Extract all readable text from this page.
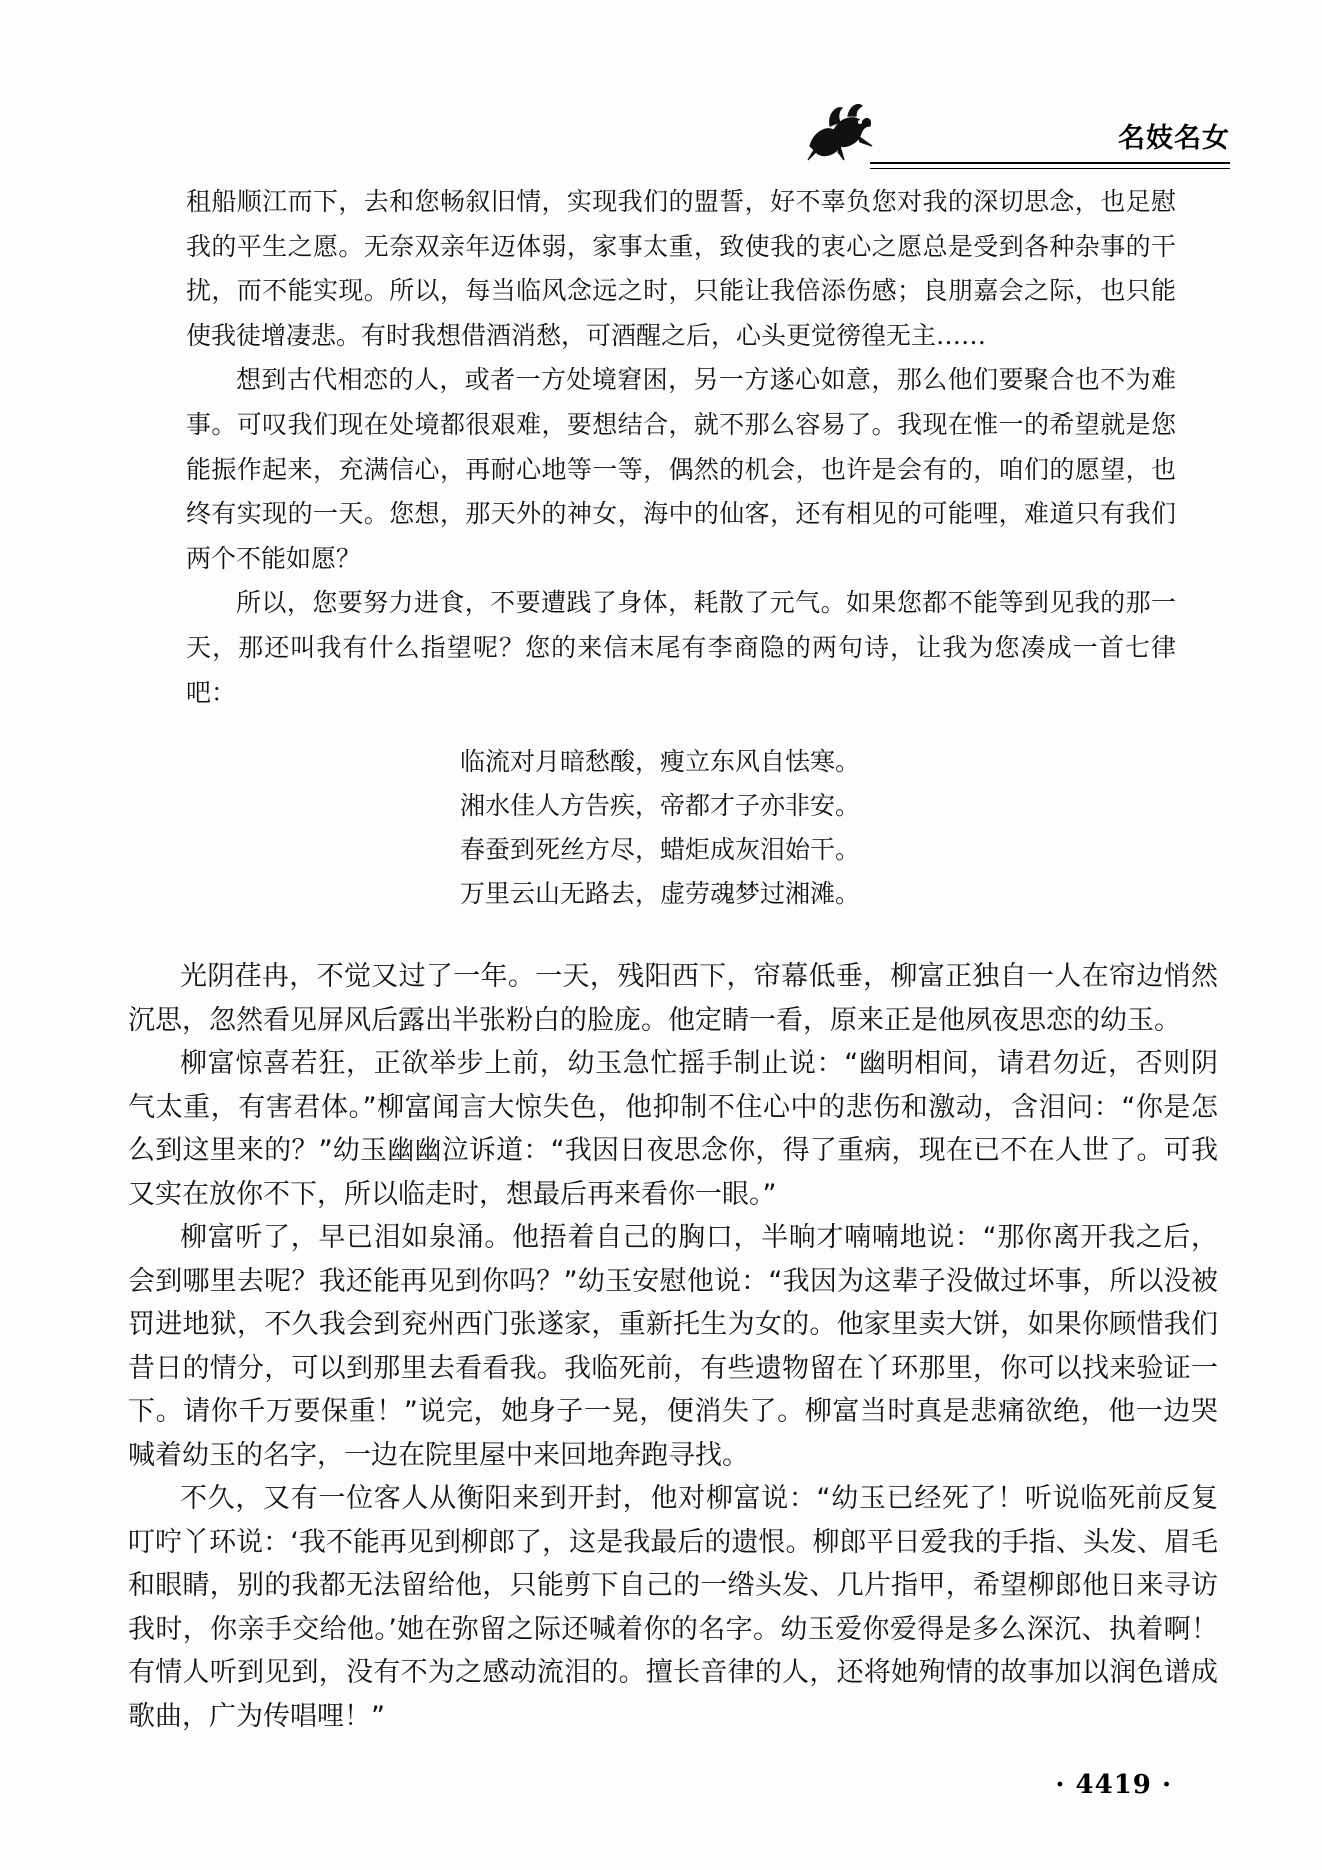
名妓名女

租船顺江而下，去和您畅叙旧情，实现我们的盟誓，好不辜负您对我的深切思念，也足慰我的平生之愿。无奈双亲年迈体弱，家事太重，致使我的衷心之愿总是受到各种杂事的干扰，而不能实现。所以，每当临风念远之时，只能让我倍添伤感；良朋嘉会之际，也只能使我徒增凄悲。有时我想借酒消愁，可酒醒之后，心头更觉徬徨无主……

想到古代相恋的人，或者一方处境窘困，另一方遂心如意，那么他们要聚合也不为难事。可叹我们现在处境都很艰难，要想结合，就不那么容易了。我现在惟一的希望就是您能振作起来，充满信心，再耐心地等一等，偶然的机会，也许是会有的，咱们的愿望，也终有实现的一天。您想，那天外的神女，海中的仙客，还有相见的可能哩，难道只有我们两个不能如愿？

所以，您要努力进食，不要遭践了身体，耗散了元气。如果您都不能等到见我的那一天，那还叫我有什么指望呢？您的来信末尾有李商隐的两句诗，让我为您凑成一首七律吧：

临流对月暗愁酸，瘦立东风自怯寒。
湘水佳人方告疾，帝都才子亦非安。
春蚕到死丝方尽，蜡炬成灰泪始干。
万里云山无路去，虚劳魂梦过湘滩。

光阴荏冉，不觉又过了一年。一天，残阳西下，帘幕低垂，柳富正独自一人在帘边悄然沉思，忽然看见屏风后露出半张粉白的脸庞。他定睛一看，原来正是他夙夜思恋的幼玉。

柳富惊喜若狂，正欲举步上前，幼玉急忙摇手制止说：“幽明相间，请君勿近，否则阴气太重，有害君体。”柳富闻言大惊失色，他抑制不住心中的悲伤和激动，含泪问：“你是怎么到这里来的？”幼玉幽幽泣诉道：“我因日夜思念你，得了重病，现在已不在人世了。可我又实在放你不下，所以临走时，想最后再来看你一眼。”

柳富听了，早已泪如泉涌。他捂着自己的胸口，半晌才喃喃地说：“那你离开我之后，会到哪里去呢？我还能再见到你吗？”幼玉安慰他说：“我因为这辈子没做过坏事，所以没被罚进地狱，不久我会到兖州西门张遂家，重新托生为女的。他家里卖大饼，如果你顾惜我们昔日的情分，可以到那里去看看我。我临死前，有些遗物留在丫环那里，你可以找来验证一下。请你千万要保重！”说完，她身子一晃，便消失了。柳富当时真是悲痛欲绝，他一边哭喊着幼玉的名字，一边在院里屋中来回地奔跑寻找。

不久，又有一位客人从衡阳来到开封，他对柳富说：“幼玉已经死了！听说临死前反复叮咛丫环说：‘我不能再见到柳郎了，这是我最后的遗恨。柳郎平日爱我的手指、头发、眉毛和眼睛，别的我都无法留给他，只能剪下自己的一绺头发、几片指甲，希望柳郎他日来寻访我时，你亲手交给他。’她在弥留之际还喊着你的名字。幼玉爱你爱得是多么深沉、执着啊！有情人听到见到，没有不为之感动流泪的。擅长音律的人，还将她殉情的故事加以润色谱成歌曲，广为传唱哩！”

· 4419 ·
